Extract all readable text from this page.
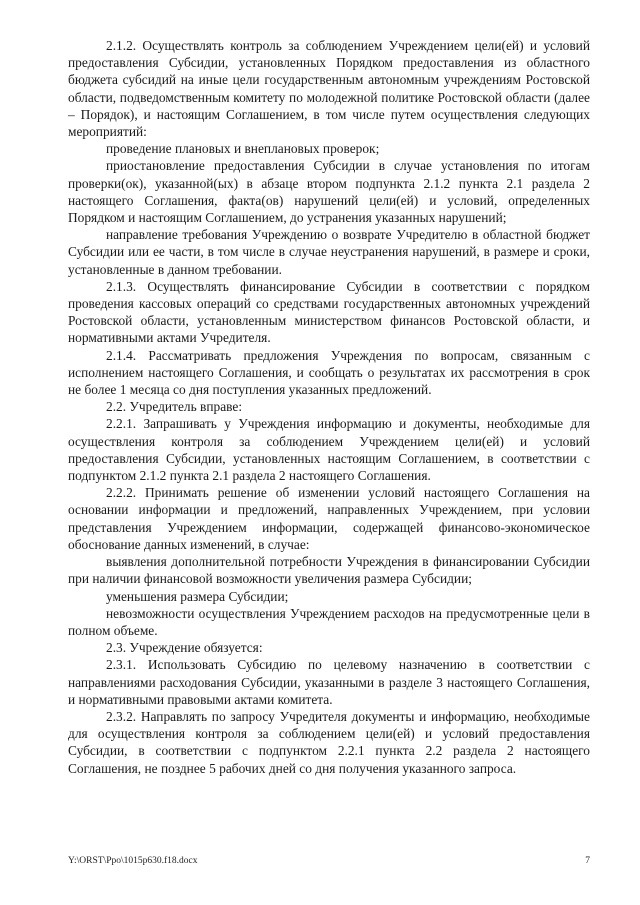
2.1.2. Осуществлять контроль за соблюдением Учреждением цели(ей) и условий предоставления Субсидии, установленных Порядком предоставления из областного бюджета субсидий на иные цели государственным автономным учреждениям Ростовской области, подведомственным комитету по молодежной политике Ростовской области (далее – Порядок), и настоящим Соглашением, в том числе путем осуществления следующих мероприятий:

проведение плановых и внеплановых проверок;

приостановление предоставления Субсидии в случае установления по итогам проверки(ок), указанной(ых) в абзаце втором подпункта 2.1.2 пункта 2.1 раздела 2 настоящего Соглашения, факта(ов) нарушений цели(ей) и условий, определенных Порядком и настоящим Соглашением, до устранения указанных нарушений;

направление требования Учреждению о возврате Учредителю в областной бюджет Субсидии или ее части, в том числе в случае неустранения нарушений, в размере и сроки, установленные в данном требовании.

2.1.3. Осуществлять финансирование Субсидии в соответствии с порядком проведения кассовых операций со средствами государственных автономных учреждений Ростовской области, установленным министерством финансов Ростовской области, и нормативными актами Учредителя.

2.1.4. Рассматривать предложения Учреждения по вопросам, связанным с исполнением настоящего Соглашения, и сообщать о результатах их рассмотрения в срок не более 1 месяца со дня поступления указанных предложений.

2.2. Учредитель вправе:

2.2.1. Запрашивать у Учреждения информацию и документы, необходимые для осуществления контроля за соблюдением Учреждением цели(ей) и условий предоставления Субсидии, установленных настоящим Соглашением, в соответствии с подпунктом 2.1.2 пункта 2.1 раздела 2 настоящего Соглашения.

2.2.2. Принимать решение об изменении условий настоящего Соглашения на основании информации и предложений, направленных Учреждением, при условии представления Учреждением информации, содержащей финансово-экономическое обоснование данных изменений, в случае:

выявления дополнительной потребности Учреждения в финансировании Субсидии при наличии финансовой возможности увеличения размера Субсидии;

уменьшения размера Субсидии;

невозможности осуществления Учреждением расходов на предусмотренные цели в полном объеме.

2.3. Учреждение обязуется:

2.3.1. Использовать Субсидию по целевому назначению в соответствии с направлениями расходования Субсидии, указанными в разделе 3 настоящего Соглашения, и нормативными правовыми актами комитета.

2.3.2. Направлять по запросу Учредителя документы и информацию, необходимые для осуществления контроля за соблюдением цели(ей) и условий предоставления Субсидии, в соответствии с подпунктом 2.2.1 пункта 2.2 раздела 2 настоящего Соглашения, не позднее 5 рабочих дней со дня получения указанного запроса.

Y:\ORST\Ppo\1015p630.f18.docx	7
